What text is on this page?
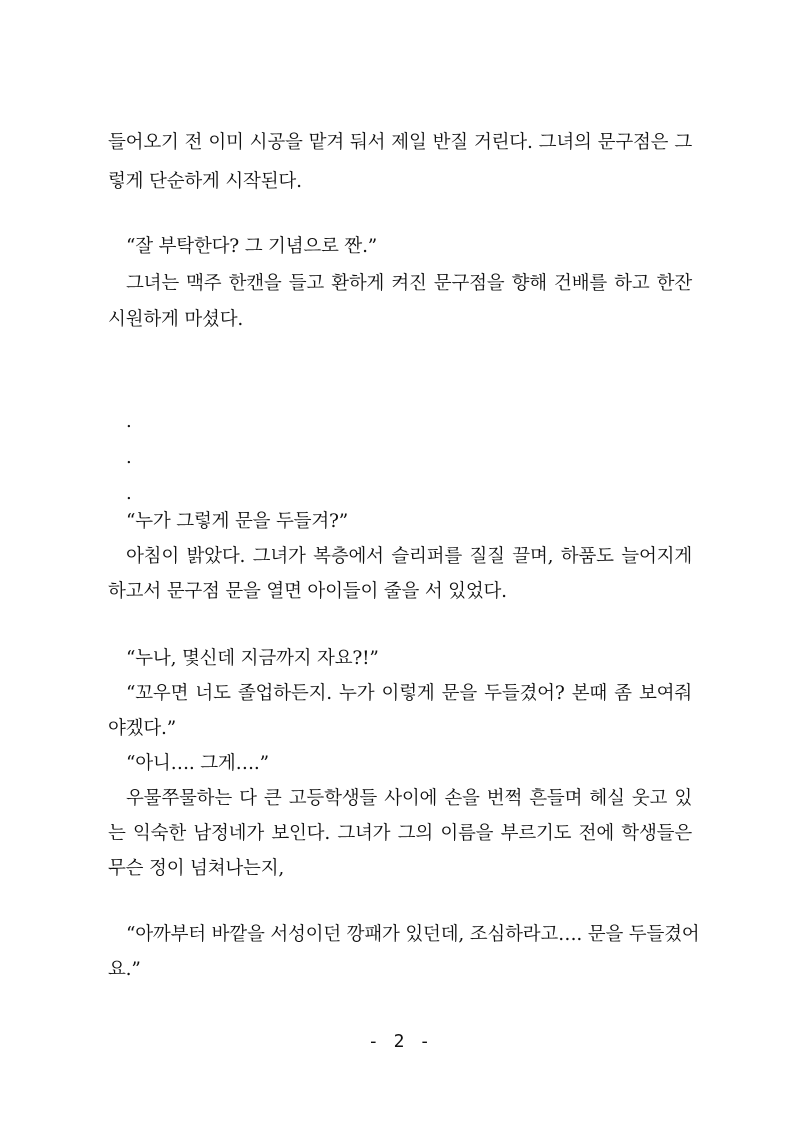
들어오기 전 이미 시공을 맡겨 둬서 제일 반질 거린다. 그녀의 문구점은 그
렇게 단순하게 시작된다.
“잘 부탁한다? 그 기념으로 짠.”
그녀는 맥주 한캔을 들고 환하게 켜진 문구점을 향해 건배를 하고 한잔
시원하게 마셨다.
.
.
.
“누가 그렇게 문을 두들겨?”
아침이 밝았다. 그녀가 복층에서 슬리퍼를 질질 끌며, 하품도 늘어지게
하고서 문구점 문을 열면 아이들이 줄을 서 있었다.
“누나, 몇신데 지금까지 자요?!”
“꼬우면 너도 졸업하든지. 누가 이렇게 문을 두들겼어? 본때 좀 보여줘
야겠다.”
“아니…. 그게….”
우물쭈물하는 다 큰 고등학생들 사이에 손을 번쩍 흔들며 헤실 웃고 있
는 익숙한 남정네가 보인다. 그녀가 그의 이름을 부르기도 전에 학생들은
무슨 정이 넘쳐나는지,
“아까부터 바깥을 서성이던 깡패가 있던데, 조심하라고…. 문을 두들겼어
요.”
- 2 -
